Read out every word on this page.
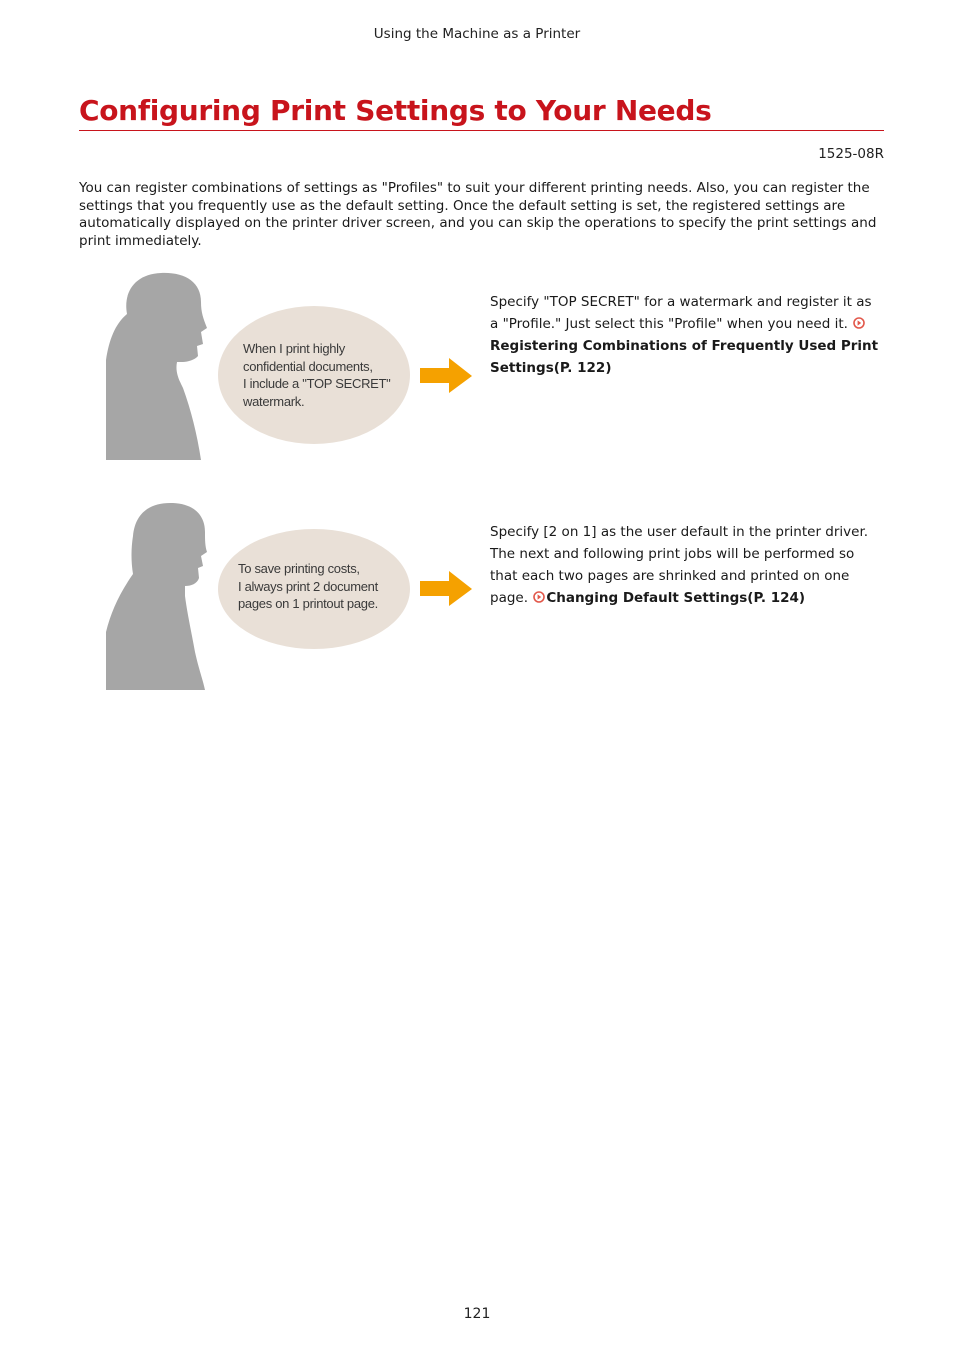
Using the Machine as a Printer
Configuring Print Settings to Your Needs
1525-08R

You can register combinations of settings as "Profiles" to suit your different printing needs. Also, you can register the settings that you frequently use as the default setting. Once the default setting is set, the registered settings are automatically displayed on the printer driver screen, and you can skip the operations to specify the print settings and print immediately.

When I print highly
confidential documents,
I include a "TOP SECRET"
watermark.

Specify "TOP SECRET" for a watermark and register it as a "Profile." Just select this "Profile" when you need it. Registering Combinations of Frequently Used Print Settings(P. 122)

To save printing costs,
I always print 2 document
pages on 1 printout page.

Specify [2 on 1] as the user default in the printer driver. The next and following print jobs will be performed so that each two pages are shrinked and printed on one page. Changing Default Settings(P. 124)

121
